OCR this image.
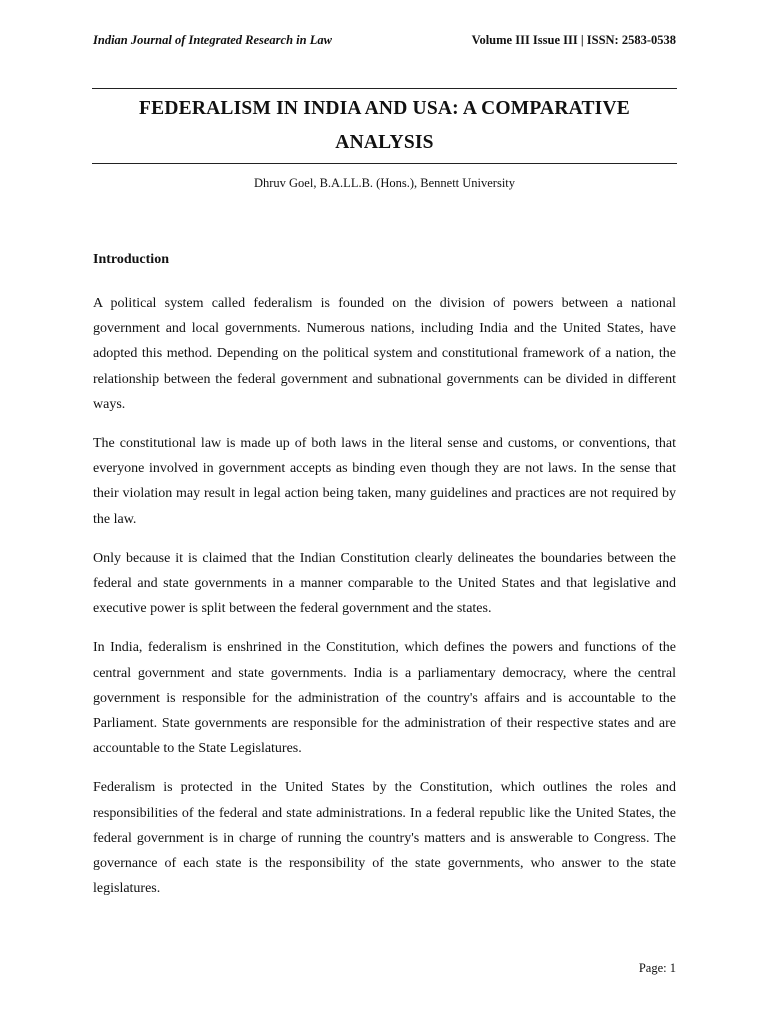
Indian Journal of Integrated Research in Law	Volume III Issue III | ISSN: 2583-0538
FEDERALISM IN INDIA AND USA: A COMPARATIVE ANALYSIS
Dhruv Goel, B.A.LL.B. (Hons.), Bennett University
Introduction

A political system called federalism is founded on the division of powers between a national government and local governments. Numerous nations, including India and the United States, have adopted this method. Depending on the political system and constitutional framework of a nation, the relationship between the federal government and subnational governments can be divided in different ways.

The constitutional law is made up of both laws in the literal sense and customs, or conventions, that everyone involved in government accepts as binding even though they are not laws. In the sense that their violation may result in legal action being taken, many guidelines and practices are not required by the law.

Only because it is claimed that the Indian Constitution clearly delineates the boundaries between the federal and state governments in a manner comparable to the United States and that legislative and executive power is split between the federal government and the states.

In India, federalism is enshrined in the Constitution, which defines the powers and functions of the central government and state governments. India is a parliamentary democracy, where the central government is responsible for the administration of the country's affairs and is accountable to the Parliament. State governments are responsible for the administration of their respective states and are accountable to the State Legislatures.

Federalism is protected in the United States by the Constitution, which outlines the roles and responsibilities of the federal and state administrations. In a federal republic like the United States, the federal government is in charge of running the country's matters and is answerable to Congress. The governance of each state is the responsibility of the state governments, who answer to the state legislatures.

Page: 1
